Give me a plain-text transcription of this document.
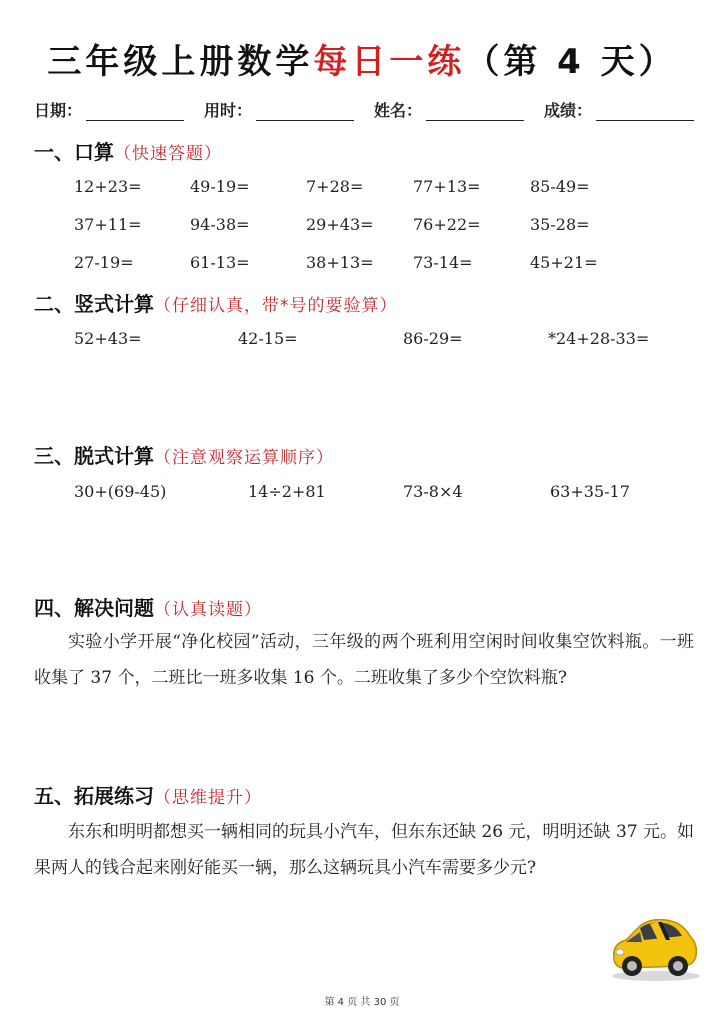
三年级上册数学每日一练（第 4 天）
日期：	用时：	姓名：	成绩：
一、口算（快速答题）
12+23=	49-19=	7+28=	77+13=	85-49=
37+11=	94-38=	29+43= 76+22=	35-28=
27-19=	61-13=	38+13= 73-14=	45+21=
二、竖式计算（仔细认真，带*号的要验算）
52+43=	42-15=	86-29=	*24+28-33=
三、脱式计算（注意观察运算顺序）
30+(69-45)	14÷2+81	73-8×4	63+35-17
四、解决问题（认真读题）
实验小学开展“净化校园”活动，三年级的两个班利用空闲时间收集空饮料瓶。一班收集了 37 个，二班比一班多收集 16 个。二班收集了多少个空饮料瓶?
五、拓展练习（思维提升）
东东和明明都想买一辆相同的玩具小汽车，但东东还缺 26 元，明明还缺 37 元。如果两人的钱合起来刚好能买一辆，那么这辆玩具小汽车需要多少元?
第 4 页 共 30 页
